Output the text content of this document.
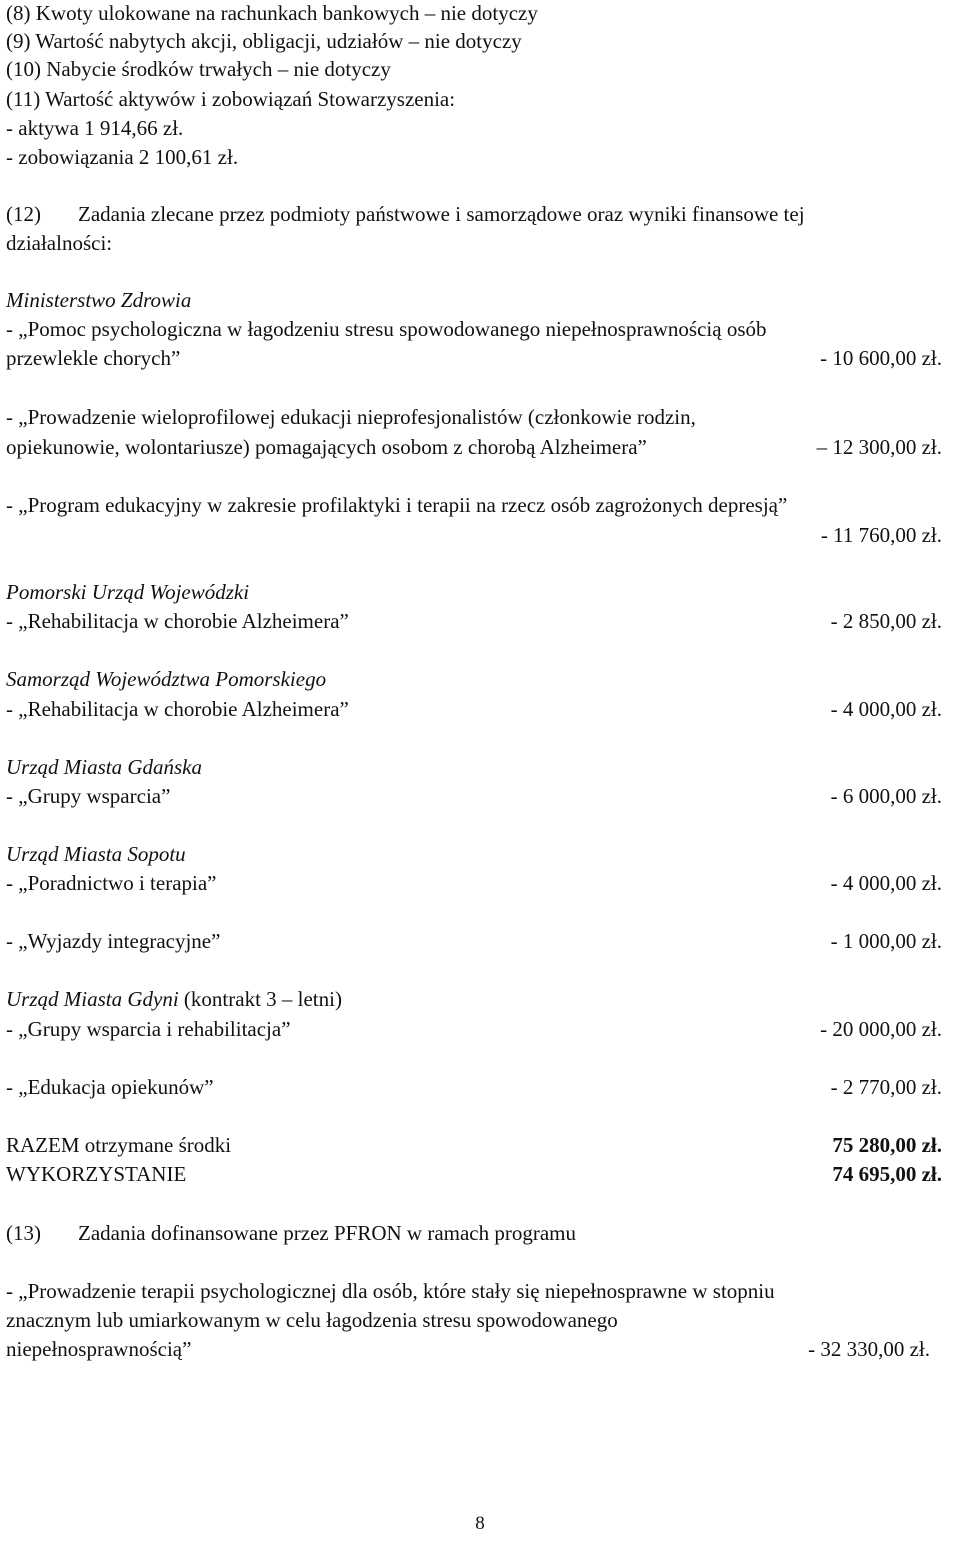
(8) Kwoty ulokowane na rachunkach bankowych – nie dotyczy
(9) Wartość nabytych akcji, obligacji, udziałów – nie dotyczy
(10) Nabycie środków trwałych – nie dotyczy
(11) Wartość aktywów i zobowiązań Stowarzyszenia:
- aktywa 1 914,66 zł.
- zobowiązania 2 100,61 zł.
(12) Zadania zlecane przez podmioty państwowe i samorządowe oraz wyniki finansowe tej
działalności:
Ministerstwo Zdrowia
- „Pomoc psychologiczna w łagodzeniu stresu spowodowanego niepełnosprawnością osób
przewlekle chorych”	- 10 600,00 zł.
- „Prowadzenie wieloprofilowej edukacji nieprofesjonalistów (członkowie rodzin,
opiekunowie, wolontariusze) pomagających osobom z chorobą Alzheimera”	– 12 300,00 zł.
- „Program edukacyjny w zakresie profilaktyki i terapii na rzecz osób zagrożonych depresją”
- 11 760,00 zł.
Pomorski Urząd Wojewódzki
- „Rehabilitacja w chorobie Alzheimera”	- 2 850,00 zł.
Samorząd Województwa Pomorskiego
- „Rehabilitacja w chorobie Alzheimera”	- 4 000,00 zł.
Urząd Miasta Gdańska
- „Grupy wsparcia”	- 6 000,00 zł.
Urząd Miasta Sopotu
- „Poradnictwo i terapia”	- 4 000,00 zł.
- „Wyjazdy integracyjne”	- 1 000,00 zł.
Urząd Miasta Gdyni (kontrakt 3 – letni)
- „Grupy wsparcia i rehabilitacja”	- 20 000,00 zł.
- „Edukacja opiekunów”	- 2 770,00 zł.
RAZEM otrzymane środki	75 280,00 zł.
WYKORZYSTANIE	74 695,00 zł.
(13) Zadania dofinansowane przez PFRON w ramach programu
- „Prowadzenie terapii psychologicznej dla osób, które stały się niepełnosprawne w stopniu
znacznym lub umiarkowanym w celu łagodzenia stresu spowodowanego
niepełnosprawnością”	- 32 330,00 zł.
8
